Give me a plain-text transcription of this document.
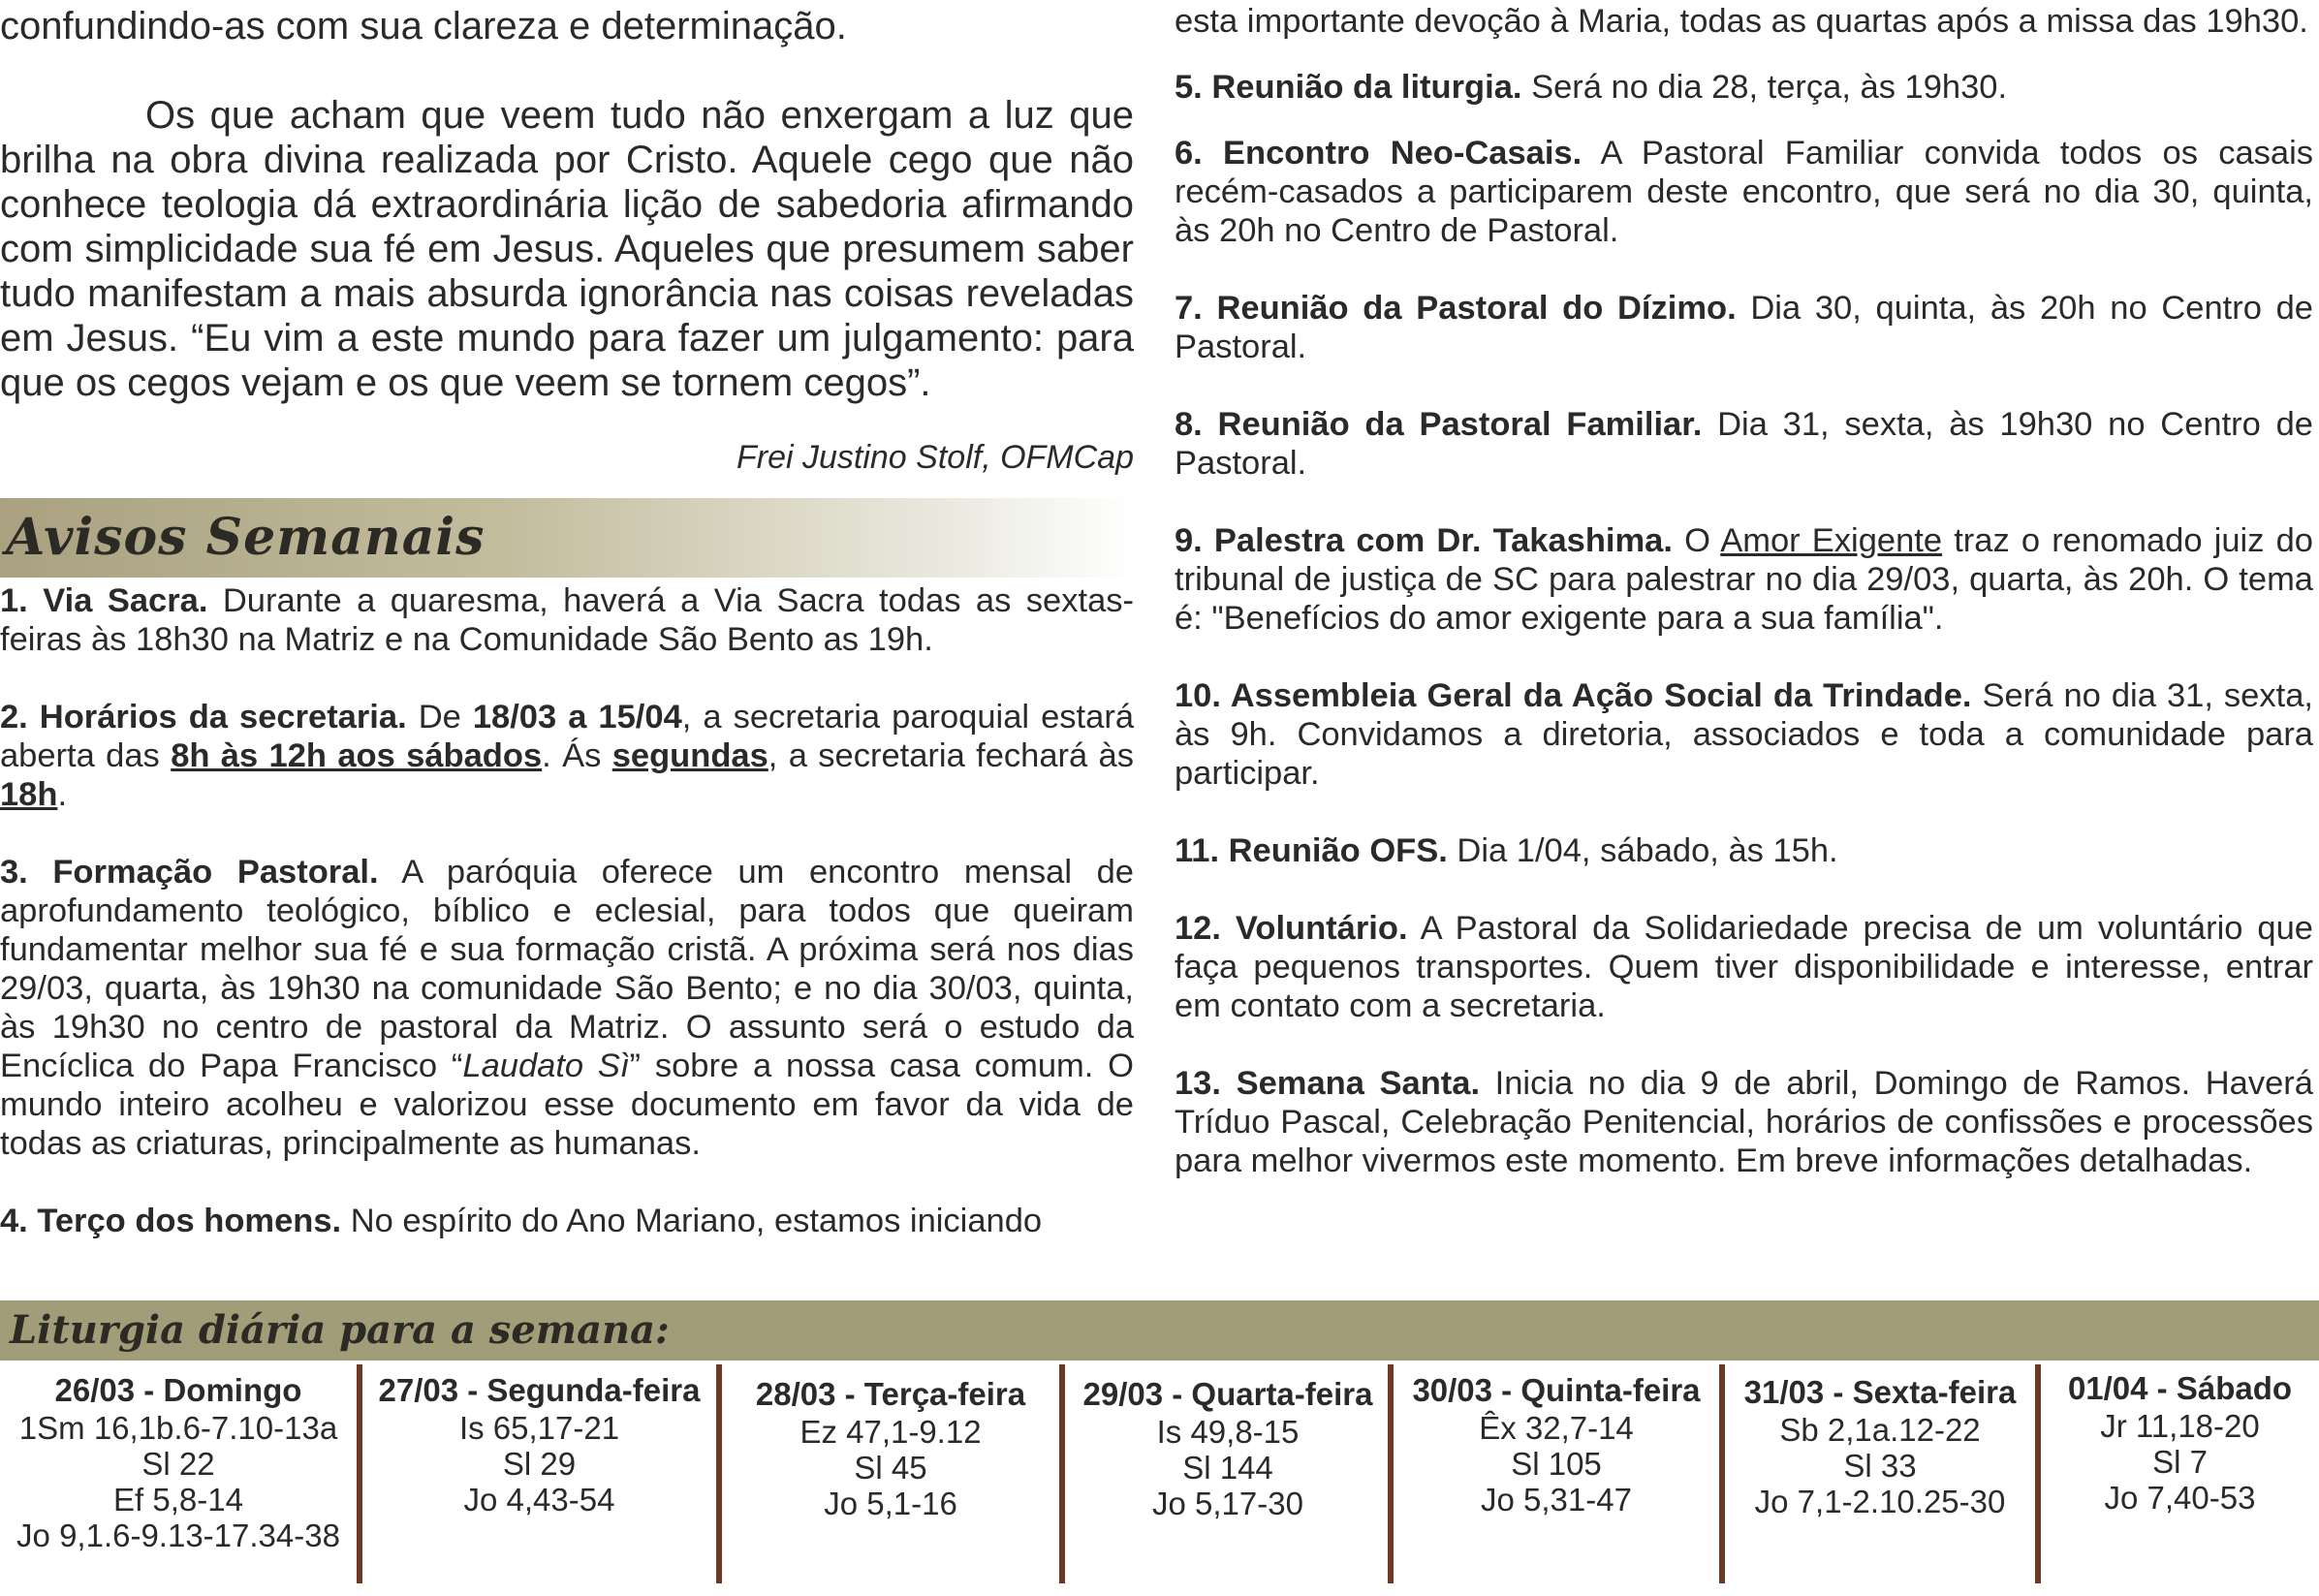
confundindo-as com sua clareza e determinação.

Os que acham que veem tudo não enxergam a luz que brilha na obra divina realizada por Cristo. Aquele cego que não conhece teologia dá extraordinária lição de sabedoria afirmando com simplicidade sua fé em Jesus. Aqueles que presumem saber tudo manifestam a mais absurda ignorância nas coisas reveladas em Jesus. “Eu vim a este mundo para fazer um julgamento: para que os cegos vejam e os que veem se tornem cegos”.

Frei Justino Stolf, OFMCap

Avisos Semanais

1. Via Sacra. Durante a quaresma, haverá a Via Sacra todas as sextas-feiras às 18h30 na Matriz e na Comunidade São Bento as 19h.

2. Horários da secretaria. De 18/03 a 15/04, a secretaria paroquial estará aberta das 8h às 12h aos sábados. Ás segundas, a secretaria fechará às 18h.

3. Formação Pastoral. A paróquia oferece um encontro mensal de aprofundamento teológico, bíblico e eclesial, para todos que queiram fundamentar melhor sua fé e sua formação cristã. A próxima será nos dias 29/03, quarta, às 19h30 na comunidade São Bento; e no dia 30/03, quinta, às 19h30 no centro de pastoral da Matriz. O assunto será o estudo da Encíclica do Papa Francisco “Laudato Sì” sobre a nossa casa comum. O mundo inteiro acolheu e valorizou esse documento em favor da vida de todas as criaturas, principalmente as humanas.

4. Terço dos homens. No espírito do Ano Mariano, estamos iniciando

esta importante devoção à Maria, todas as quartas após a missa das 19h30.

5. Reunião da liturgia. Será no dia 28, terça, às 19h30.

6. Encontro Neo-Casais. A Pastoral Familiar convida todos os casais recém-casados a participarem deste encontro, que será no dia 30, quinta, às 20h no Centro de Pastoral.

7. Reunião da Pastoral do Dízimo. Dia 30, quinta, às 20h no Centro de Pastoral.

8. Reunião da Pastoral Familiar. Dia 31, sexta, às 19h30 no Centro de Pastoral.

9. Palestra com Dr. Takashima. O Amor Exigente traz o renomado juiz do tribunal de justiça de SC para palestrar no dia 29/03, quarta, às 20h. O tema é: "Benefícios do amor exigente para a sua família".

10. Assembleia Geral da Ação Social da Trindade. Será no dia 31, sexta, às 9h. Convidamos a diretoria, associados e toda a comunidade para participar.

11. Reunião OFS. Dia 1/04, sábado, às 15h.

12. Voluntário. A Pastoral da Solidariedade precisa de um voluntário que faça pequenos transportes. Quem tiver disponibilidade e interesse, entrar em contato com a secretaria.

13. Semana Santa. Inicia no dia 9 de abril, Domingo de Ramos. Haverá Tríduo Pascal, Celebração Penitencial, horários de confissões e processões para melhor vivermos este momento. Em breve informações detalhadas.

Liturgia diária para a semana:
26/03 - Domingo
1Sm 16,1b.6-7.10-13a
Sl 22
Ef 5,8-14
Jo 9,1.6-9.13-17.34-38
27/03 - Segunda-feira
Is 65,17-21
Sl 29
Jo 4,43-54
28/03 - Terça-feira
Ez 47,1-9.12
Sl 45
Jo 5,1-16
29/03 - Quarta-feira
Is 49,8-15
Sl 144
Jo 5,17-30
30/03 - Quinta-feira
Êx 32,7-14
Sl 105
Jo 5,31-47
31/03 - Sexta-feira
Sb 2,1a.12-22
Sl 33
Jo 7,1-2.10.25-30
01/04 - Sábado
Jr 11,18-20
Sl 7
Jo 7,40-53
